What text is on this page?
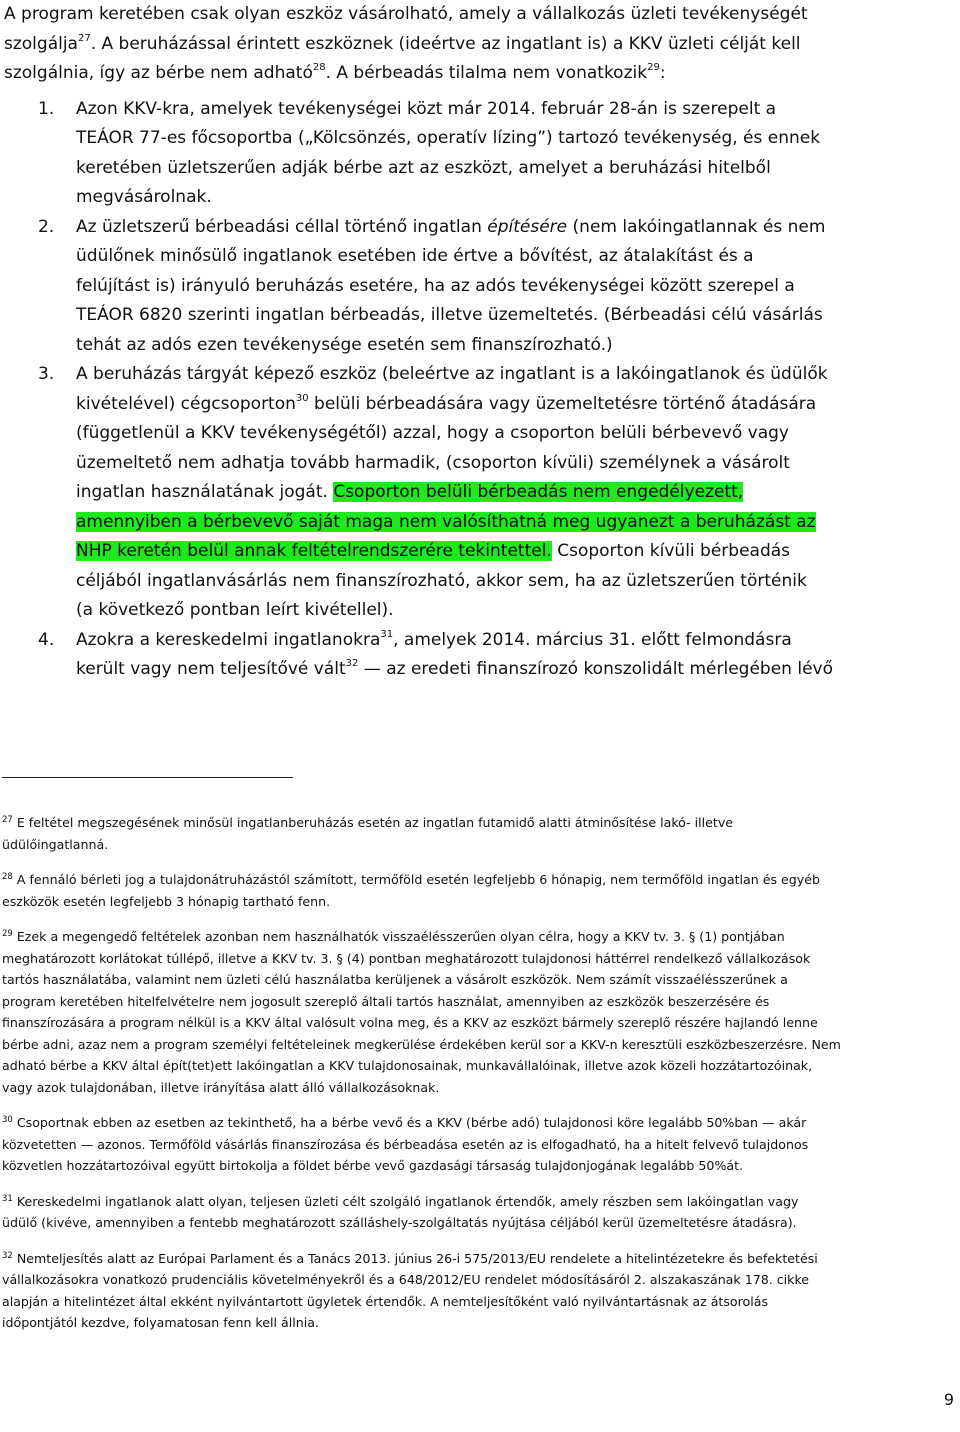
A program keretében csak olyan eszköz vásárolható, amely a vállalkozás üzleti tevékenységét
szolgálja$^{27}$. A beruházással érintett eszköznek (ideértve az ingatlant is) a KKV üzleti célját kell
szolgálnia, így az bérbe nem adható$^{28}$. A bérbeadás tilalma nem vonatkozik$^{29}$:

1. Azon KKV-kra, amelyek tevékenységei közt már 2014. február 28-án is szerepelt a
TEÁOR 77-es főcsoportba („Kölcsönzés, operatív lízing”) tartozó tevékenység, és ennek
keretében üzletszerűen adják bérbe azt az eszközt, amelyet a beruházási hitelből
megvásárolnak.
2. Az üzletszerű bérbeadási céllal történő ingatlan építésére (nem lakóingatlannak és nem
üdülőnek minősülő ingatlanok esetében ide értve a bővítést, az átalakítást és a
felújítást is) irányuló beruházás esetére, ha az adós tevékenységei között szerepel a
TEÁOR 6820 szerinti ingatlan bérbeadás, illetve üzemeltetés. (Bérbeadási célú vásárlás
tehát az adós ezen tevékenysége esetén sem finanszírozható.)
3. A beruházás tárgyát képező eszköz (beleértve az ingatlant is a lakóingatlanok és üdülők
kivételével) cégcsoporton$^{30}$ belüli bérbeadására vagy üzemeltetésre történő átadására
(függetlenül a KKV tevékenységétől) azzal, hogy a csoporton belüli bérbevevő vagy
üzemeltető nem adhatja tovább harmadik, (csoporton kívüli) személynek a vásárolt
ingatlan használatának jogát. Csoporton belüli bérbeadás nem engedélyezett,
amennyiben a bérbevevő saját maga nem valósíthatná meg ugyanezt a beruházást az
NHP keretén belül annak feltételrendszerére tekintettel. Csoporton kívüli bérbeadás
céljából ingatlanvásárlás nem finanszírozható, akkor sem, ha az üzletszerűen történik
(a következő pontban leírt kivétellel).
4. Azokra a kereskedelmi ingatlanokra$^{31}$, amelyek 2014. március 31. előtt felmondásra
került vagy nem teljesítővé vált$^{32}$ — az eredeti finanszírozó konszolidált mérlegében lévő
$^{27}$ E feltétel megszegésének minősül ingatlanberuházás esetén az ingatlan futamidő alatti átminősítése lakó- illetve
üdülőingatlanná.
$^{28}$ A fennáló bérleti jog a tulajdonátruházástól számított, termőföld esetén legfeljebb 6 hónapig, nem termőföld ingatlan és egyéb
eszközök esetén legfeljebb 3 hónapig tartható fenn.
$^{29}$ Ezek a megengedő feltételek azonban nem használhatók visszaélésszerűen olyan célra, hogy a KKV tv. 3. § (1) pontjában
meghatározott korlátokat túllépő, illetve a KKV tv. 3. § (4) pontban meghatározott tulajdonosi háttérrel rendelkező vállalkozások
tartós használatába, valamint nem üzleti célú használatba kerüljenek a vásárolt eszközök. Nem számít visszaélésszerűnek a
program keretében hitelfelvételre nem jogosult szereplő általi tartós használat, amennyiben az eszközök beszerzésére és
finanszírozására a program nélkül is a KKV által valósult volna meg, és a KKV az eszközt bármely szereplő részére hajlandó lenne
bérbe adni, azaz nem a program személyi feltételeinek megkerülése érdekében kerül sor a KKV-n keresztüli eszközbeszerzésre. Nem
adható bérbe a KKV által épít(tet)ett lakóingatlan a KKV tulajdonosainak, munkavállalóinak, illetve azok közeli hozzátartozóinak,
vagy azok tulajdonában, illetve irányítása alatt álló vállalkozásoknak.
$^{30}$ Csoportnak ebben az esetben az tekinthető, ha a bérbe vevő és a KKV (bérbe adó) tulajdonosi köre legalább 50%ban — akár
közvetetten — azonos. Termőföld vásárlás finanszírozása és bérbeadása esetén az is elfogadható, ha a hitelt felvevő tulajdonos
közvetlen hozzátartozóival együtt birtokolja a földet bérbe vevő gazdasági társaság tulajdonjogának legalább 50%át.
$^{31}$ Kereskedelmi ingatlanok alatt olyan, teljesen üzleti célt szolgáló ingatlanok értendők, amely részben sem lakóingatlan vagy
üdülő (kivéve, amennyiben a fentebb meghatározott szálláshely-szolgáltatás nyújtása céljából kerül üzemeltetésre átadásra).
$^{32}$ Nemteljesítés alatt az Európai Parlament és a Tanács 2013. június 26-i 575/2013/EU rendelete a hitelintézetekre és befektetési
vállalkozásokra vonatkozó prudenciális követelményekről és a 648/2012/EU rendelet módosításáról 2. alszakaszának 178. cikke
alapján a hitelintézet által ekként nyilvántartott ügyletek értendők. A nemteljesítőként való nyilvántartásnak az átsorolás
időpontjától kezdve, folyamatosan fenn kell állnia.
9
